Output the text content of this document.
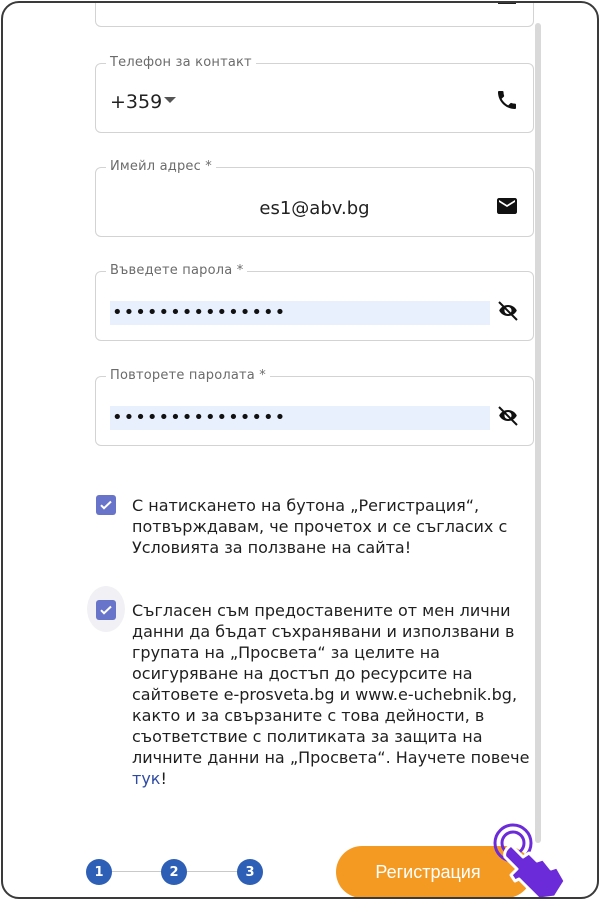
Телефон за контакт
+359
Имейл адрес *
es1@abv.bg
Въведете парола *
•••••••••••••••
Повторете паролата *
•••••••••••••••
С натискането на бутона „Регистрация“, потвърждавам, че прочетох и се съгласих с Условията за ползване на сайта!
Съгласен съм предоставените от мен лични данни да бъдат съхранявани и използвани в групата на „Просвета“ за целите на осигуряване на достъп до ресурсите на сайтовете e-prosveta.bg и www.e-uchebnik.bg, както и за свързаните с това дейности, в съответствие с политиката за защита на личните данни на „Просвета“. Научете повече тук!
1	2	3	Регистрация
